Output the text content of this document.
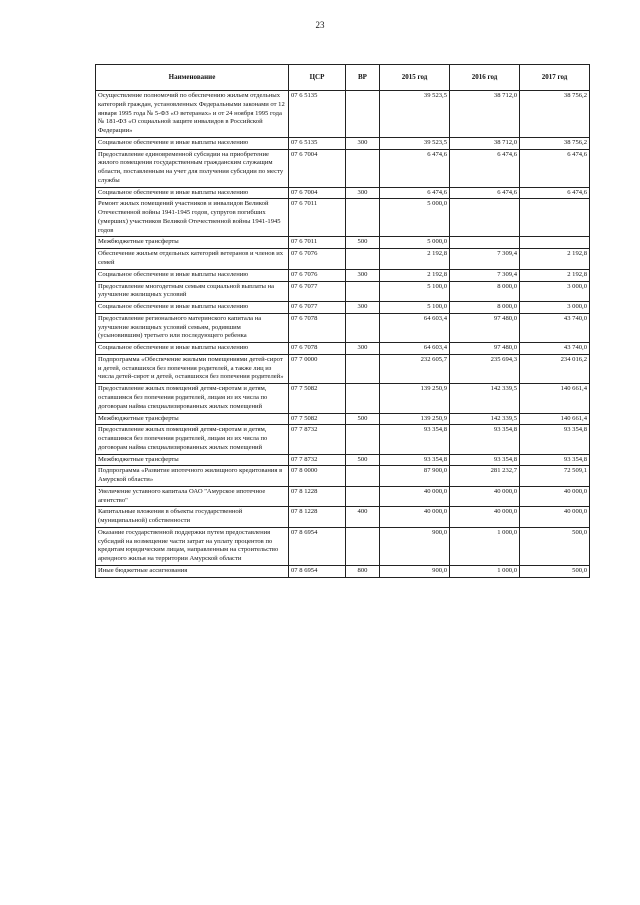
23
Наименование	ЦСР	ВР	2015 год	2016 год	2017 год
Осуществление полномочий по обеспечению жильем отдельных категорий граждан, установленных Федеральными законами от 12 января 1995 года № 5-ФЗ «О ветеранах» и от 24 ноября 1995 года № 181-ФЗ «О социальной защите инвалидов в Российской Федерации»	07 6 5135		39 523,5	38 712,0	38 756,2
Социальное обеспечение и иные выплаты населению	07 6 5135	300	39 523,5	38 712,0	38 756,2
Предоставление единовременной субсидии на приобретение жилого помещения государственным гражданским служащим области, поставленным на учет для получения субсидии по месту службы	07 6 7004		6 474,6	6 474,6	6 474,6
Социальное обеспечение и иные выплаты населению	07 6 7004	300	6 474,6	6 474,6	6 474,6
Ремонт жилых помещений участников и инвалидов Великой Отечественной войны 1941-1945 годов, супругов погибших (умерших) участников Великой Отечественной войны 1941-1945 годов	07 6 7011		5 000,0		
Межбюджетные трансферты	07 6 7011	500	5 000,0		
Обеспечение жильем отдельных категорий ветеранов и членов их семей	07 6 7076		2 192,8	7 309,4	2 192,8
Социальное обеспечение и иные выплаты населению	07 6 7076	300	2 192,8	7 309,4	2 192,8
Предоставление многодетным семьям социальной выплаты на улучшение жилищных условий	07 6 7077		5 100,0	8 000,0	3 000,0
Социальное обеспечение и иные выплаты населению	07 6 7077	300	5 100,0	8 000,0	3 000,0
Предоставление регионального материнского капитала на улучшение жилищных условий семьям, родившим (усыновившим) третьего или последующего ребенка	07 6 7078		64 603,4	97 480,0	43 740,0
Социальное обеспечение и иные выплаты населению	07 6 7078	300	64 603,4	97 480,0	43 740,0
Подпрограмма «Обеспечение жилыми помещениями детей-сирот и детей, оставшихся без попечения родителей, а также лиц из числа детей-сирот и детей, оставшихся без попечения родителей»	07 7 0000		232 605,7	235 694,3	234 016,2
Предоставление жилых помещений детям-сиротам и детям, оставшимся без попечения родителей, лицам из их числа по договорам найма специализированных жилых помещений	07 7 5082		139 250,9	142 339,5	140 661,4
Межбюджетные трансферты	07 7 5082	500	139 250,9	142 339,5	140 661,4
Предоставление жилых помещений детям-сиротам и детям, оставшимся без попечения родителей, лицам из их числа по договорам найма специализированных жилых помещений	07 7 8732		93 354,8	93 354,8	93 354,8
Межбюджетные трансферты	07 7 8732	500	93 354,8	93 354,8	93 354,8
Подпрограмма «Развитие ипотечного жилищного кредитования в Амурской области»	07 8 0000		87 900,0	281 232,7	72 509,1
Увеличение уставного капитала ОАО "Амурское ипотечное агентство"	07 8 1228		40 000,0	40 000,0	40 000,0
Капитальные вложения в объекты государственной (муниципальной) собственности	07 8 1228	400	40 000,0	40 000,0	40 000,0
Оказание государственной поддержки путем предоставления субсидий на возмещение части затрат на уплату процентов по кредитам юридическим лицам, направленным на строительство арендного жилья на территории Амурской области	07 8 6954		900,0	1 000,0	500,0
Иные бюджетные ассигнования	07 8 6954	800	900,0	1 000,0	500,0
